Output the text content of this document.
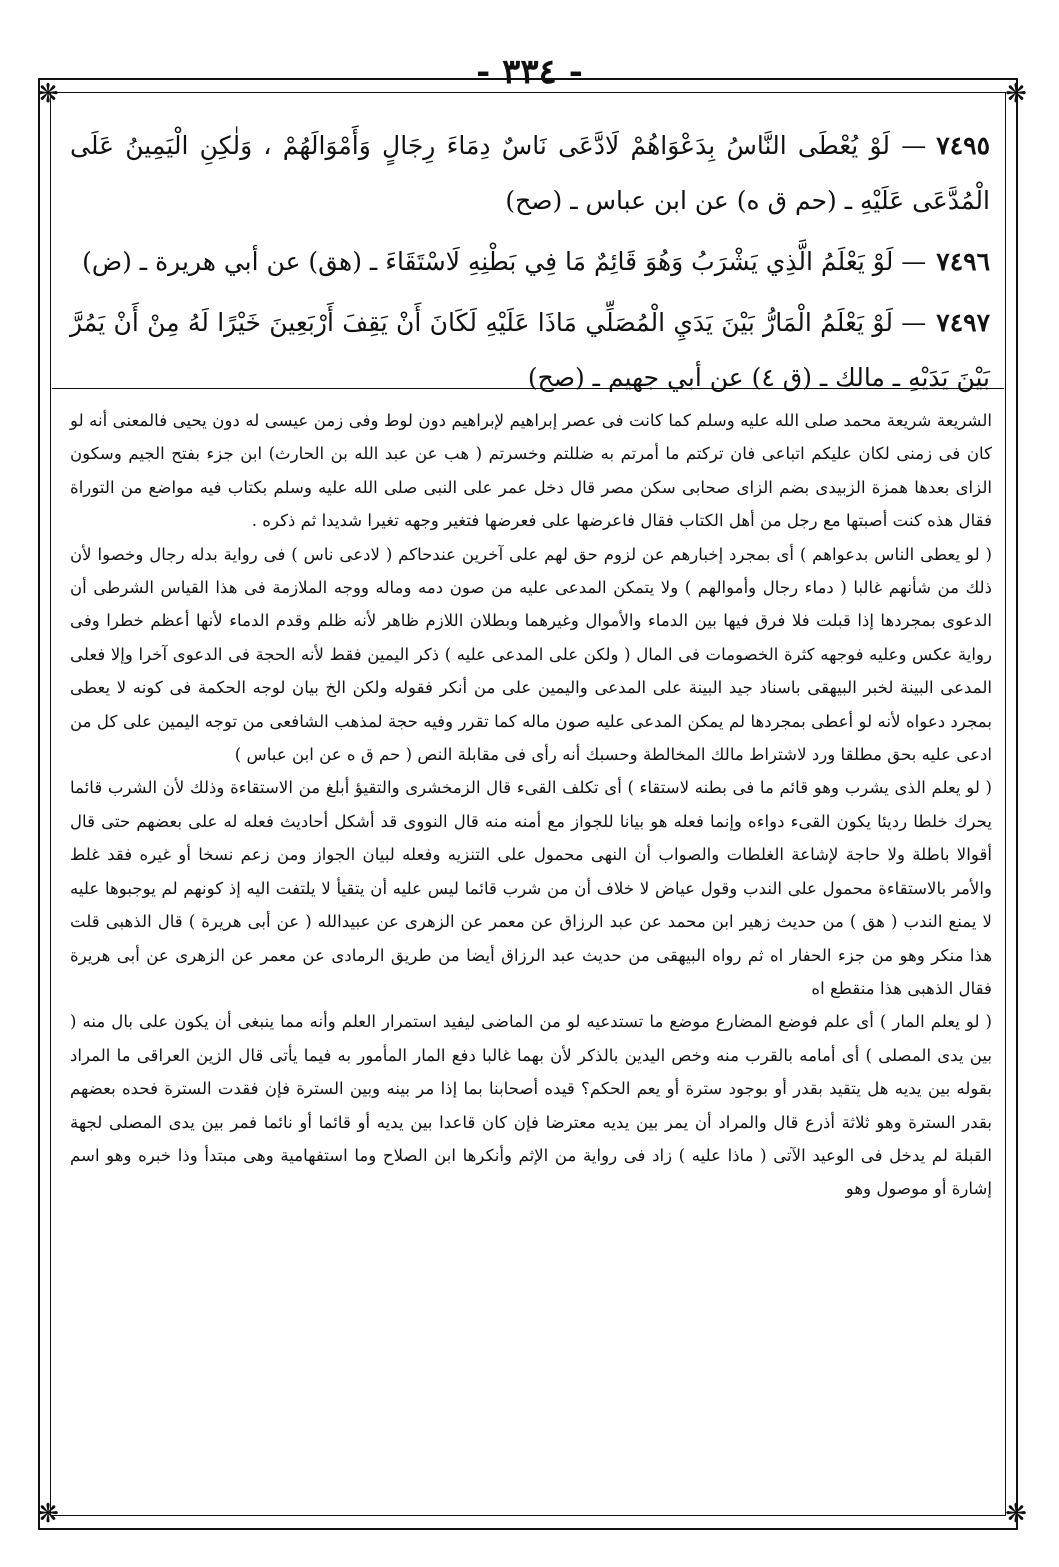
❋	❋
❋	❋
- ٣٣٤ -

٧٤٩٥— لَوْ يُعْطَى النَّاسُ بِدَعْوَاهُمْ لَادَّعَى نَاسٌ دِمَاءَ رِجَالٍ وَأَمْوَالَهُمْ ، وَلٰكِنِ الْيَمِينُ عَلَى الْمُدَّعَى عَلَيْهِ ـ (حم ق ه) عن ابن عباس ـ (صح)

٧٤٩٦— لَوْ يَعْلَمُ الَّذِي يَشْرَبُ وَهُوَ قَائِمٌ مَا فِي بَطْنِهِ لَاسْتَقَاءَ ـ (هق) عن أبي هريرة ـ (ض)

٧٤٩٧— لَوْ يَعْلَمُ الْمَارُّ بَيْنَ يَدَيِ الْمُصَلِّي مَاذَا عَلَيْهِ لَكَانَ أَنْ يَقِفَ أَرْبَعِينَ خَيْرًا لَهُ مِنْ أَنْ يَمُرَّ بَيْنَ يَدَيْهِ ـ مالك ـ (ق ٤) عن أبي جهيم ـ (صح)

الشريعة شريعة محمد صلى الله عليه وسلم كما كانت فى عصر إبراهيم لإبراهيم دون لوط وفى زمن عيسى له دون يحيى فالمعنى أنه لو كان فى زمنى لكان عليكم اتباعى فان تركتم ما أمرتم به ضللتم وخسرتم ( هب عن عبد الله بن الحارث) ابن جزء بفتح الجيم وسكون الزاى بعدها همزة الزبيدى بضم الزاى صحابى سكن مصر قال دخل عمر على النبى صلى الله عليه وسلم بكتاب فيه مواضع من التوراة فقال هذه كنت أصبتها مع رجل من أهل الكتاب فقال فاعرضها على فعرضها فتغير وجهه تغيرا شديدا ثم ذكره .

( لو يعطى الناس بدعواهم ) أى بمجرد إخبارهم عن لزوم حق لهم على آخرين عندحاكم ( لادعى ناس ) فى رواية بدله رجال وخصوا لأن ذلك من شأنهم غالبا ( دماء رجال وأموالهم ) ولا يتمكن المدعى عليه من صون دمه وماله ووجه الملازمة فى هذا القياس الشرطى أن الدعوى بمجردها إذا قبلت فلا فرق فيها بين الدماء والأموال وغيرهما وبطلان اللازم ظاهر لأنه ظلم وقدم الدماء لأنها أعظم خطرا وفى رواية عكس وعليه فوجهه كثرة الخصومات فى المال ( ولكن على المدعى عليه ) ذكر اليمين فقط لأنه الحجة فى الدعوى آخرا وإلا فعلى المدعى البينة لخبر البيهقى باسناد جيد البينة على المدعى واليمين على من أنكر فقوله ولكن الخ بيان لوجه الحكمة فى كونه لا يعطى بمجرد دعواه لأنه لو أعطى بمجردها لم يمكن المدعى عليه صون ماله كما تقرر وفيه حجة لمذهب الشافعى من توجه اليمين على كل من ادعى عليه بحق مطلقا ورد لاشتراط مالك المخالطة وحسبك أنه رأى فى مقابلة النص ( حم ق ه عن ابن عباس )

( لو يعلم الذى يشرب وهو قائم ما فى بطنه لاستقاء ) أى تكلف القىء قال الزمخشرى والتقيؤ أبلغ من الاستقاءة وذلك لأن الشرب قائما يحرك خلطا رديئا يكون القىء دواءه وإنما فعله هو بيانا للجواز مع أمنه منه قال النووى قد أشكل أحاديث فعله له على بعضهم حتى قال أقوالا باطلة ولا حاجة لإشاعة الغلطات والصواب أن النهى محمول على التنزيه وفعله لبيان الجواز ومن زعم نسخا أو غيره فقد غلط والأمر بالاستقاءة محمول على الندب وقول عياض لا خلاف أن من شرب قائما ليس عليه أن يتقيأ لا يلتفت اليه إذ كونهم لم يوجبوها عليه لا يمنع الندب ( هق ) من حديث زهير ابن محمد عن عبد الرزاق عن معمر عن الزهرى عن عبيدالله ( عن أبى هريرة ) قال الذهبى قلت هذا منكر وهو من جزء الحفار اه ثم رواه البيهقى من حديث عبد الرزاق أيضا من طريق الرمادى عن معمر عن الزهرى عن أبى هريرة فقال الذهبى هذا منقطع اه

( لو يعلم المار ) أى علم فوضع المضارع موضع ما تستدعيه لو من الماضى ليفيد استمرار العلم وأنه مما ينبغى أن يكون على بال منه ( بين يدى المصلى ) أى أمامه بالقرب منه وخص اليدين بالذكر لأن بهما غالبا دفع المار المأمور به فيما يأتى قال الزين العراقى ما المراد بقوله بين يديه هل يتقيد بقدر أو بوجود سترة أو يعم الحكم؟ قيده أصحابنا بما إذا مر بينه وبين السترة فإن فقدت السترة فحده بعضهم بقدر السترة وهو ثلاثة أذرع قال والمراد أن يمر بين يديه معترضا فإن كان قاعدا بين يديه أو قائما أو نائما فمر بين يدى المصلى لجهة القبلة لم يدخل فى الوعيد الآتى ( ماذا عليه ) زاد فى رواية من الإثم وأنكرها ابن الصلاح وما استفهامية وهى مبتدأ وذا خبره وهو اسم إشارة أو موصول وهو
